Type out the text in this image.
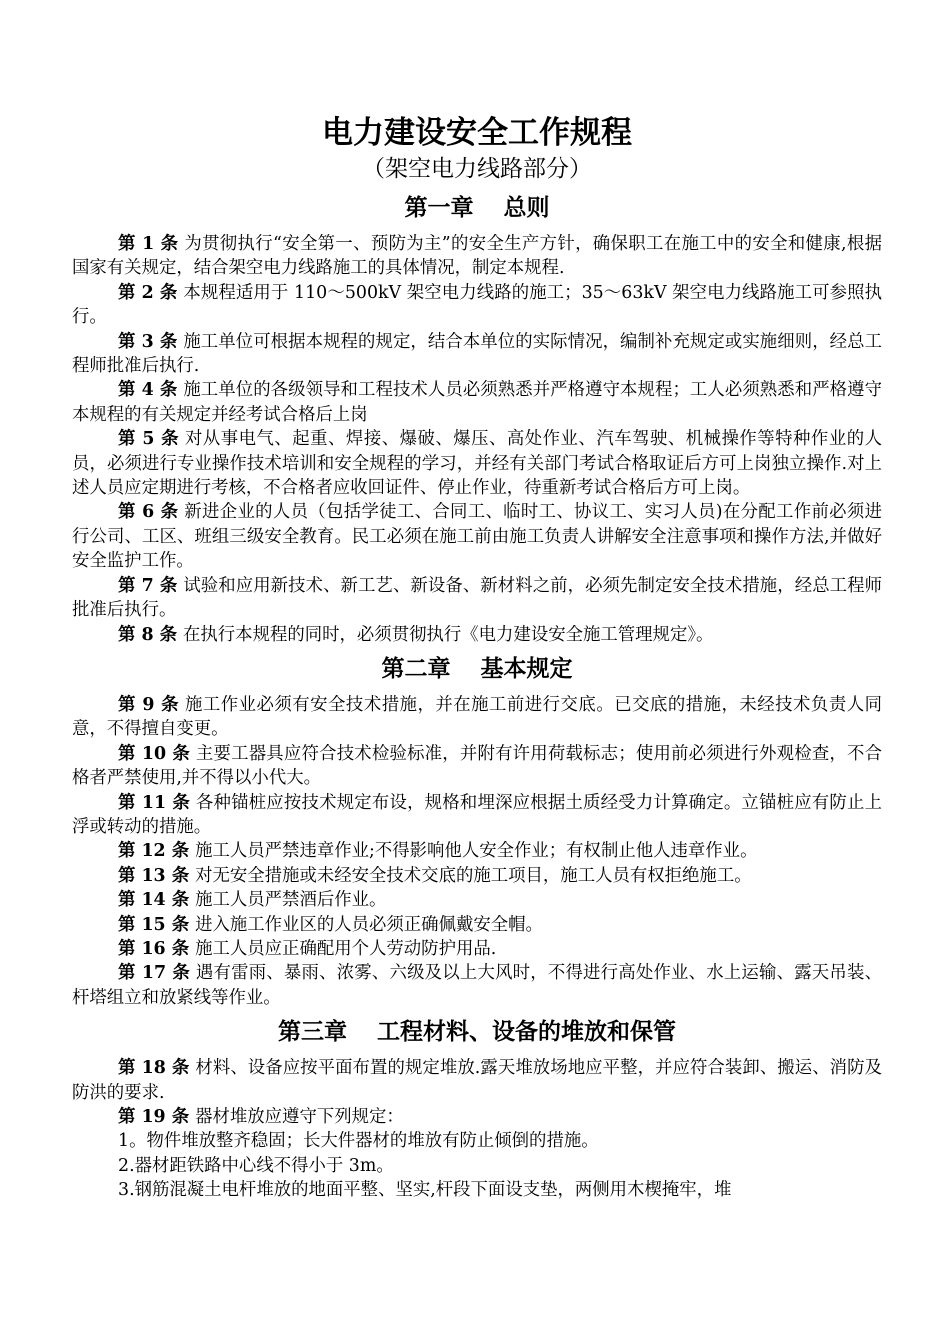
电力建设安全工作规程

（架空电力线路部分）

第一章 总则

第 1 条 为贯彻执行“安全第一、预防为主”的安全生产方针，确保职工在施工中的安全和健康,根据国家有关规定，结合架空电力线路施工的具体情况，制定本规程.

第 2 条 本规程适用于 110～500kV 架空电力线路的施工；35～63kV 架空电力线路施工可参照执行。

第 3 条 施工单位可根据本规程的规定，结合本单位的实际情况，编制补充规定或实施细则，经总工程师批准后执行.

第 4 条 施工单位的各级领导和工程技术人员必须熟悉并严格遵守本规程；工人必须熟悉和严格遵守本规程的有关规定并经考试合格后上岗

第 5 条 对从事电气、起重、焊接、爆破、爆压、高处作业、汽车驾驶、机械操作等特种作业的人员，必须进行专业操作技术培训和安全规程的学习，并经有关部门考试合格取证后方可上岗独立操作.对上述人员应定期进行考核，不合格者应收回证件、停止作业，待重新考试合格后方可上岗。

第 6 条 新进企业的人员（包括学徒工、合同工、临时工、协议工、实习人员)在分配工作前必须进行公司、工区、班组三级安全教育。民工必须在施工前由施工负责人讲解安全注意事项和操作方法,并做好安全监护工作。

第 7 条 试验和应用新技术、新工艺、新设备、新材料之前，必须先制定安全技术措施，经总工程师批准后执行。

第 8 条 在执行本规程的同时，必须贯彻执行《电力建设安全施工管理规定》。

第二章 基本规定

第 9 条 施工作业必须有安全技术措施，并在施工前进行交底。已交底的措施，未经技术负责人同意，不得擅自变更。

第 10 条 主要工器具应符合技术检验标准，并附有许用荷载标志；使用前必须进行外观检查，不合格者严禁使用,并不得以小代大。

第 11 条 各种锚桩应按技术规定布设，规格和埋深应根据土质经受力计算确定。立锚桩应有防止上浮或转动的措施。

第 12 条 施工人员严禁违章作业;不得影响他人安全作业；有权制止他人违章作业。

第 13 条 对无安全措施或未经安全技术交底的施工项目，施工人员有权拒绝施工。

第 14 条 施工人员严禁酒后作业。

第 15 条 进入施工作业区的人员必须正确佩戴安全帽。

第 16 条 施工人员应正确配用个人劳动防护用品.

第 17 条 遇有雷雨、暴雨、浓雾、六级及以上大风时，不得进行高处作业、水上运输、露天吊装、杆塔组立和放紧线等作业。

第三章 工程材料、设备的堆放和保管

第 18 条 材料、设备应按平面布置的规定堆放.露天堆放场地应平整，并应符合装卸、搬运、消防及防洪的要求.

第 19 条 器材堆放应遵守下列规定：

1。物件堆放整齐稳固；长大件器材的堆放有防止倾倒的措施。

2.器材距铁路中心线不得小于 3m。

3.钢筋混凝土电杆堆放的地面平整、坚实,杆段下面设支垫，两侧用木楔掩牢，堆
